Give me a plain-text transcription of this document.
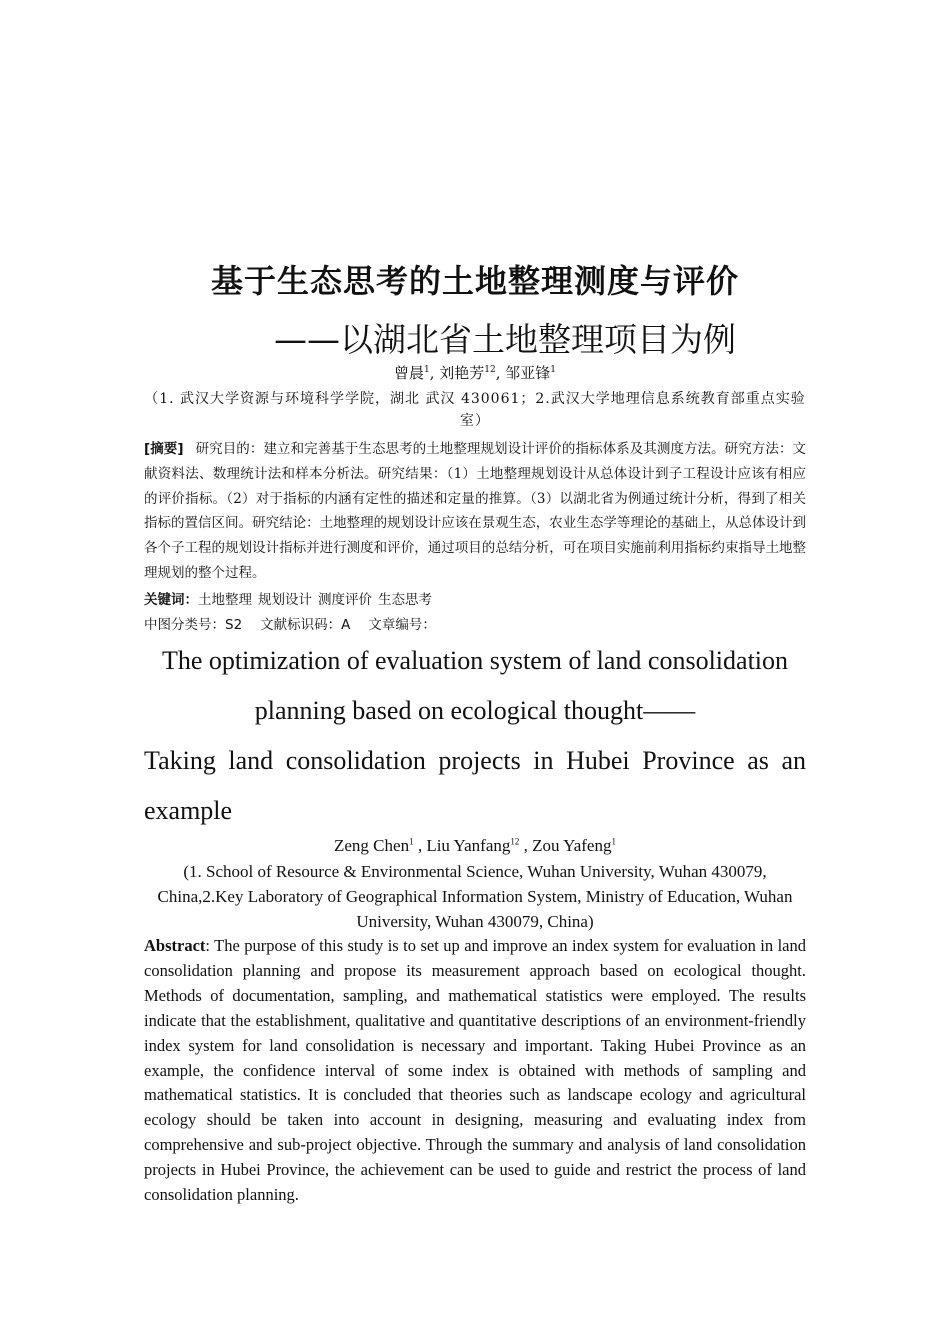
基于生态思考的土地整理测度与评价
——以湖北省土地整理项目为例
曾晨$^1$, 刘艳芳$^{12}$, 邹亚锋$^1$
（1. 武汉大学资源与环境科学学院，湖北 武汉 430061；2.武汉大学地理信息系统教育部重点实验室）
[摘要] 研究目的：建立和完善基于生态思考的土地整理规划设计评价的指标体系及其测度方法。研究方法：文献资料法、数理统计法和样本分析法。研究结果：（1）土地整理规划设计从总体设计到子工程设计应该有相应的评价指标。（2）对于指标的内涵有定性的描述和定量的推算。（3）以湖北省为例通过统计分析，得到了相关指标的置信区间。研究结论：土地整理的规划设计应该在景观生态，农业生态学等理论的基础上，从总体设计到各个子工程的规划设计指标并进行测度和评价，通过项目的总结分析，可在项目实施前利用指标约束指导土地整理规划的整个过程。
关键词：土地整理 规划设计 测度评价 生态思考
中图分类号：S2 文献标识码：A 文章编号：
The optimization of evaluation system of land consolidation
planning based on ecological thought——
Taking land consolidation projects in Hubei Province as an
example
Zeng Chen$^1$ , Liu Yanfang$^{12}$ , Zou Yafeng$^1$
(1. School of Resource & Environmental Science, Wuhan University, Wuhan 430079, China,2.Key Laboratory of Geographical Information System, Ministry of Education, Wuhan University, Wuhan 430079, China)
Abstract: The purpose of this study is to set up and improve an index system for evaluation in land consolidation planning and propose its measurement approach based on ecological thought. Methods of documentation, sampling, and mathematical statistics were employed. The results indicate that the establishment, qualitative and quantitative descriptions of an environment-friendly index system for land consolidation is necessary and important. Taking Hubei Province as an example, the confidence interval of some index is obtained with methods of sampling and mathematical statistics. It is concluded that theories such as landscape ecology and agricultural ecology should be taken into account in designing, measuring and evaluating index from comprehensive and sub-project objective. Through the summary and analysis of land consolidation projects in Hubei Province, the achievement can be used to guide and restrict the process of land consolidation planning.
